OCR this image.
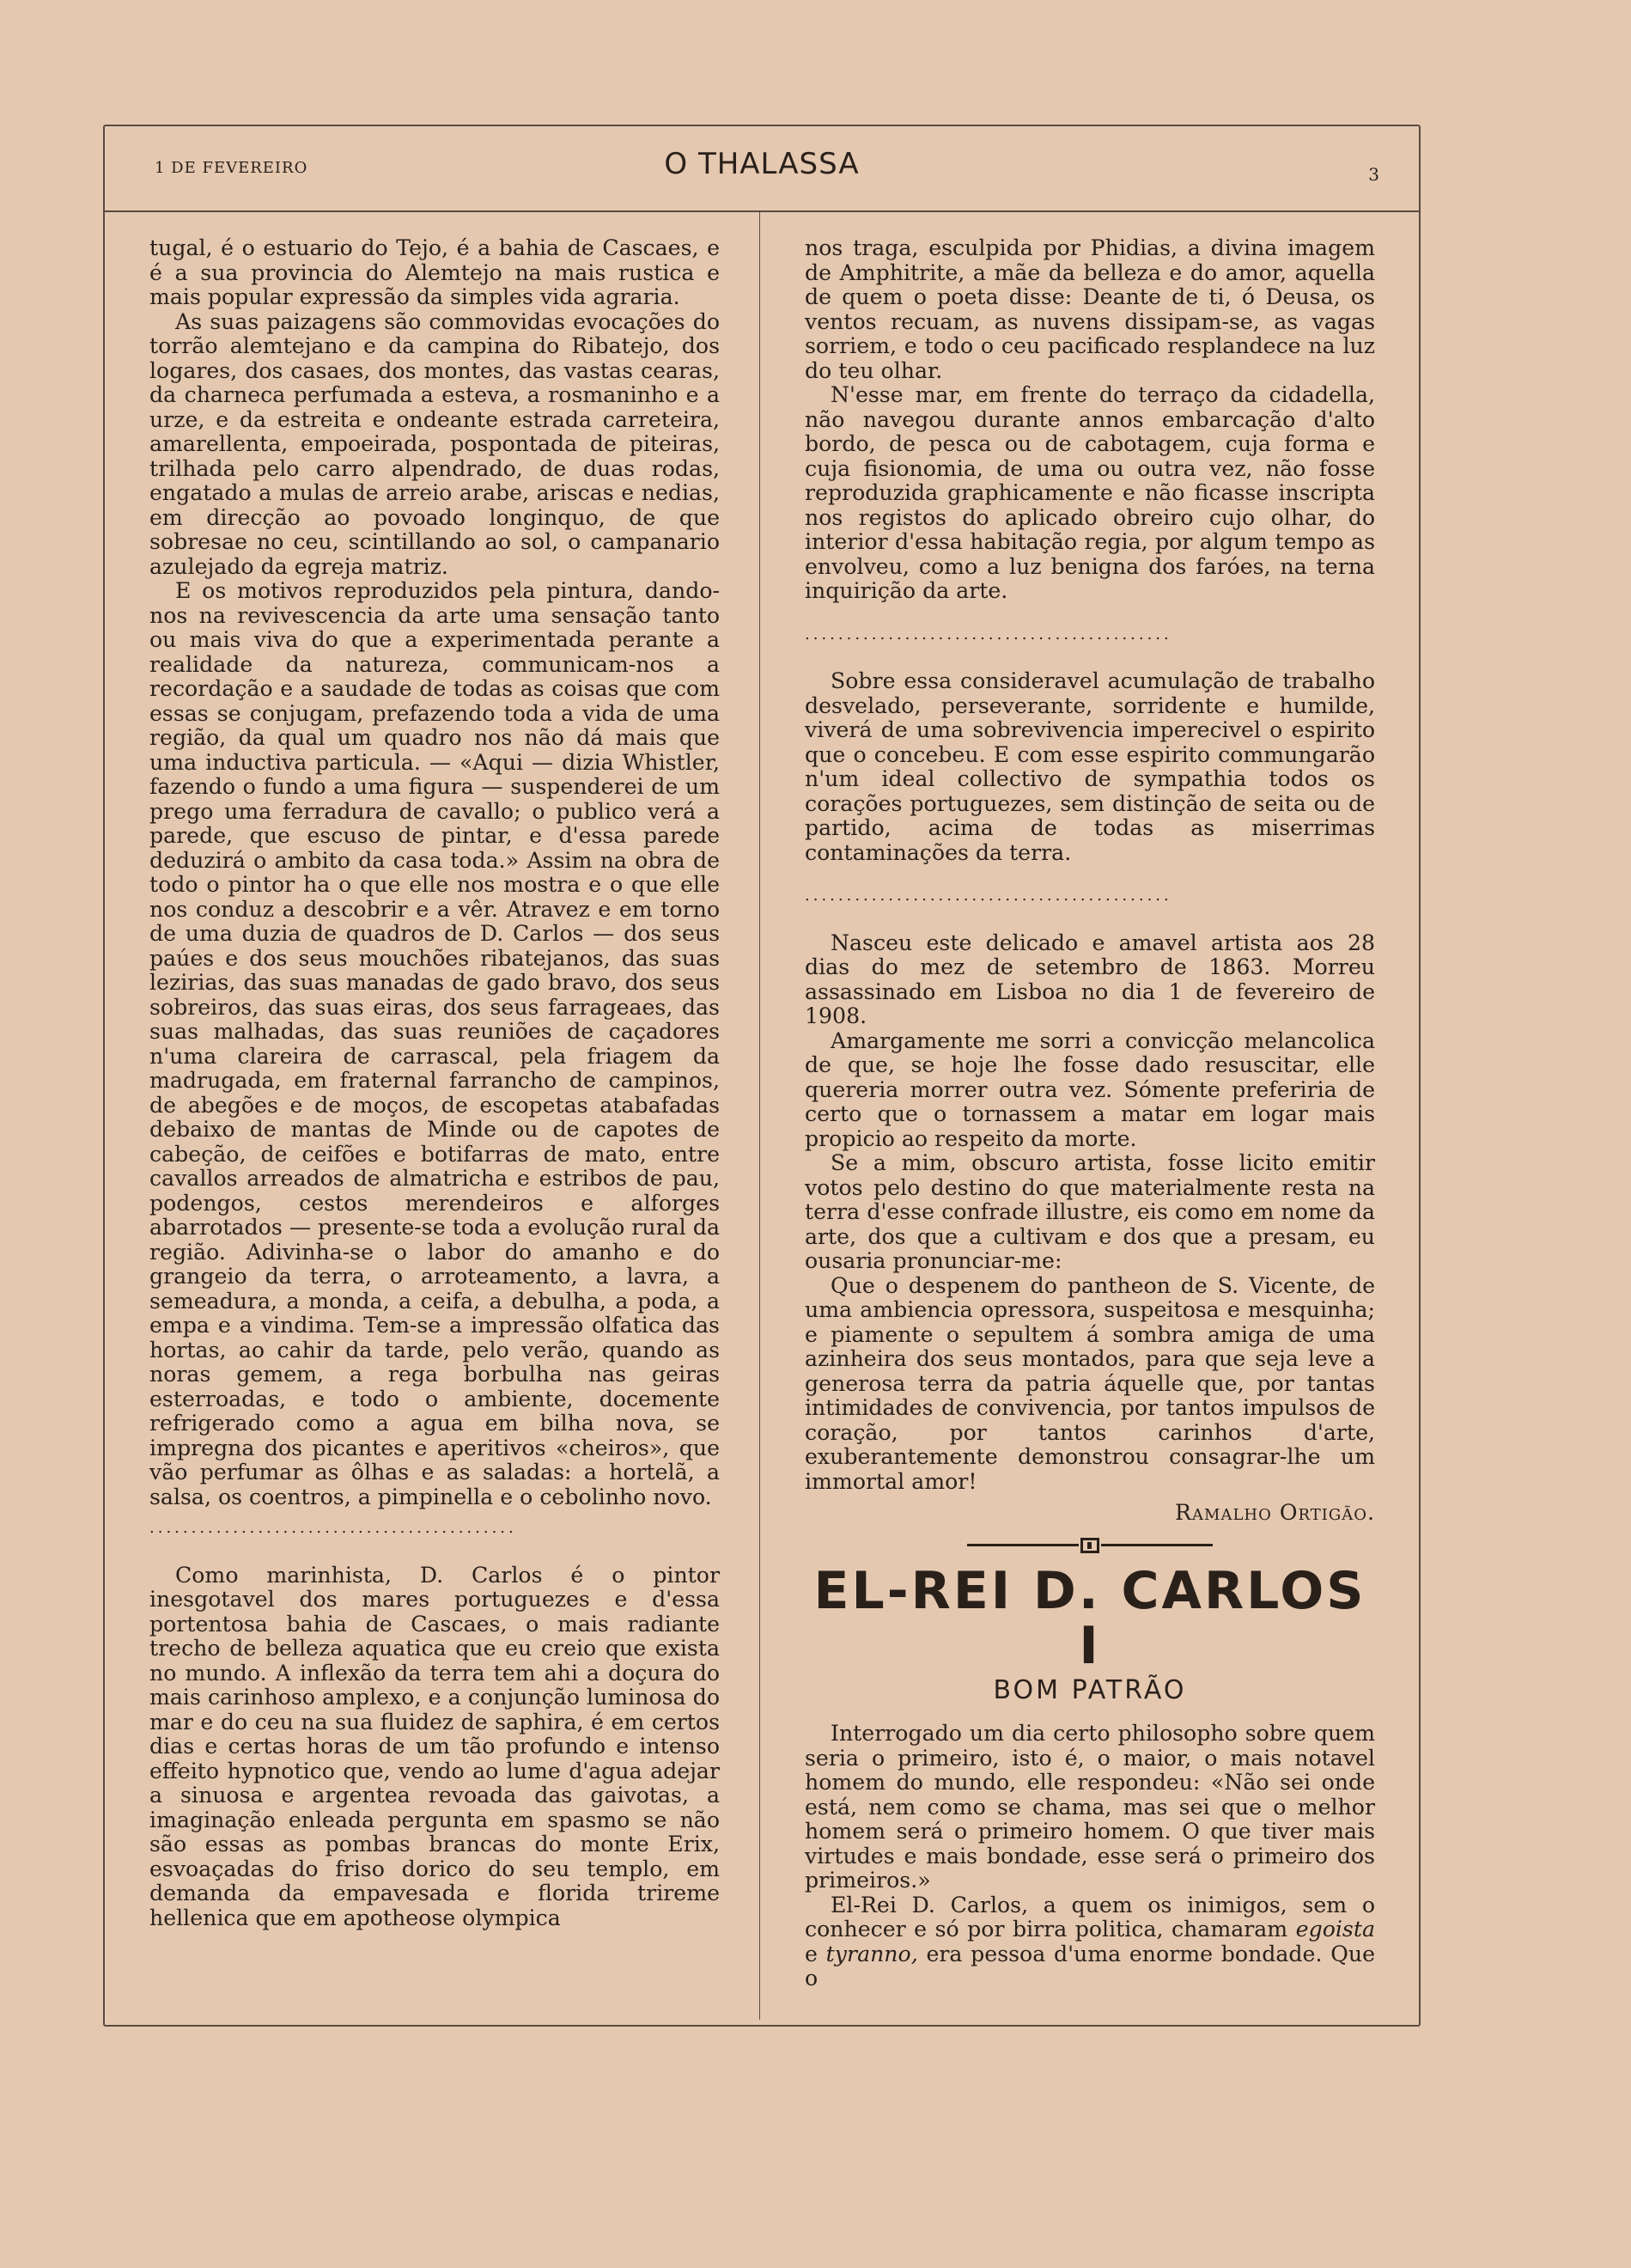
1 DE FEVEREIRO	O THALASSA	3

tugal, é o estuario do Tejo, é a bahia de Cascaes, e é a sua provincia do Alemtejo na mais rustica e mais popular expressão da simples vida agraria.

As suas paizagens são commovidas evocações do torrão alemtejano e da campina do Ribatejo, dos logares, dos casaes, dos montes, das vastas cearas, da charneca perfumada a esteva, a rosmaninho e a urze, e da estreita e ondeante estrada carreteira, amarellenta, empoeirada, pospontada de piteiras, trilhada pelo carro alpendrado, de duas rodas, engatado a mulas de arreio arabe, ariscas e nedias, em direcção ao povoado longinquo, de que sobresae no ceu, scintillando ao sol, o campanario azulejado da egreja matriz.

E os motivos reproduzidos pela pintura, dando-nos na revivescencia da arte uma sensação tanto ou mais viva do que a experimentada perante a realidade da natureza, communicam-nos a recordação e a saudade de todas as coisas que com essas se conjugam, prefazendo toda a vida de uma região, da qual um quadro nos não dá mais que uma inductiva particula. — «Aqui — dizia Whistler, fazendo o fundo a uma figura — suspenderei de um prego uma ferradura de cavallo; o publico verá a parede, que escuso de pintar, e d'essa parede deduzirá o ambito da casa toda.» Assim na obra de todo o pintor ha o que elle nos mostra e o que elle nos conduz a descobrir e a vêr. Atravez e em torno de uma duzia de quadros de D. Carlos — dos seus paúes e dos seus mouchões ribatejanos, das suas lezirias, das suas manadas de gado bravo, dos seus sobreiros, das suas eiras, dos seus farrageaes, das suas malhadas, das suas reuniões de caçadores n'uma clareira de carrascal, pela friagem da madrugada, em fraternal farrancho de campinos, de abegões e de moços, de escopetas atabafadas debaixo de mantas de Minde ou de capotes de cabeção, de ceifões e botifarras de mato, entre cavallos arreados de almatricha e estribos de pau, podengos, cestos merendeiros e alforges abarrotados — presente-se toda a evolução rural da região. Adivinha-se o labor do amanho e do grangeio da terra, o arroteamento, a lavra, a semeadura, a monda, a ceifa, a debulha, a poda, a empa e a vindima. Tem-se a impressão olfatica das hortas, ao cahir da tarde, pelo verão, quando as noras gemem, a rega borbulha nas geiras esterroadas, e todo o ambiente, docemente refrigerado como a agua em bilha nova, se impregna dos picantes e aperitivos «cheiros», que vão perfumar as ôlhas e as saladas: a hortelã, a salsa, os coentros, a pimpinella e o cebolinho novo.

............................................

Como marinhista, D. Carlos é o pintor inesgotavel dos mares portuguezes e d'essa portentosa bahia de Cascaes, o mais radiante trecho de belleza aquatica que eu creio que exista no mundo. A inflexão da terra tem ahi a doçura do mais carinhoso amplexo, e a conjunção luminosa do mar e do ceu na sua fluidez de saphira, é em certos dias e certas horas de um tão profundo e intenso effeito hypnotico que, vendo ao lume d'agua adejar a sinuosa e argentea revoada das gaivotas, a imaginação enleada pergunta em spasmo se não são essas as pombas brancas do monte Erix, esvoaçadas do friso dorico do seu templo, em demanda da empavesada e florida trireme hellenica que em apotheose olympica

nos traga, esculpida por Phidias, a divina imagem de Amphitrite, a mãe da belleza e do amor, aquella de quem o poeta disse: Deante de ti, ó Deusa, os ventos recuam, as nuvens dissipam-se, as vagas sorriem, e todo o ceu pacificado resplandece na luz do teu olhar.

N'esse mar, em frente do terraço da cidadella, não navegou durante annos embarcação d'alto bordo, de pesca ou de cabotagem, cuja forma e cuja fisionomia, de uma ou outra vez, não fosse reproduzida graphicamente e não ficasse inscripta nos registos do aplicado obreiro cujo olhar, do interior d'essa habitação regia, por algum tempo as envolveu, como a luz benigna dos faróes, na terna inquirição da arte.

............................................

Sobre essa consideravel acumulação de trabalho desvelado, perseverante, sorridente e humilde, viverá de uma sobrevivencia imperecivel o espirito que o concebeu. E com esse espirito commungarão n'um ideal collectivo de sympathia todos os corações portuguezes, sem distinção de seita ou de partido, acima de todas as miserrimas contaminações da terra.

............................................

Nasceu este delicado e amavel artista aos 28 dias do mez de setembro de 1863. Morreu assassinado em Lisboa no dia 1 de fevereiro de 1908.

Amargamente me sorri a convicção melancolica de que, se hoje lhe fosse dado resuscitar, elle quereria morrer outra vez. Sómente preferiria de certo que o tornassem a matar em logar mais propicio ao respeito da morte.

Se a mim, obscuro artista, fosse licito emitir votos pelo destino do que materialmente resta na terra d'esse confrade illustre, eis como em nome da arte, dos que a cultivam e dos que a presam, eu ousaria pronunciar-me:

Que o despenem do pantheon de S. Vicente, de uma ambiencia opressora, suspeitosa e mesquinha; e piamente o sepultem á sombra amiga de uma azinheira dos seus montados, para que seja leve a generosa terra da patria áquelle que, por tantas intimidades de convivencia, por tantos impulsos de coração, por tantos carinhos d'arte, exuberantemente demonstrou consagrar-lhe um immortal amor!

Ramalho Ortigão.

EL-REI D. CARLOS I
BOM PATRÃO

Interrogado um dia certo philosopho sobre quem seria o primeiro, isto é, o maior, o mais notavel homem do mundo, elle respondeu: «Não sei onde está, nem como se chama, mas sei que o melhor homem será o primeiro homem. O que tiver mais virtudes e mais bondade, esse será o primeiro dos primeiros.»

El-Rei D. Carlos, a quem os inimigos, sem o conhecer e só por birra politica, chamaram egoista e tyranno, era pessoa d'uma enorme bondade. Que o
